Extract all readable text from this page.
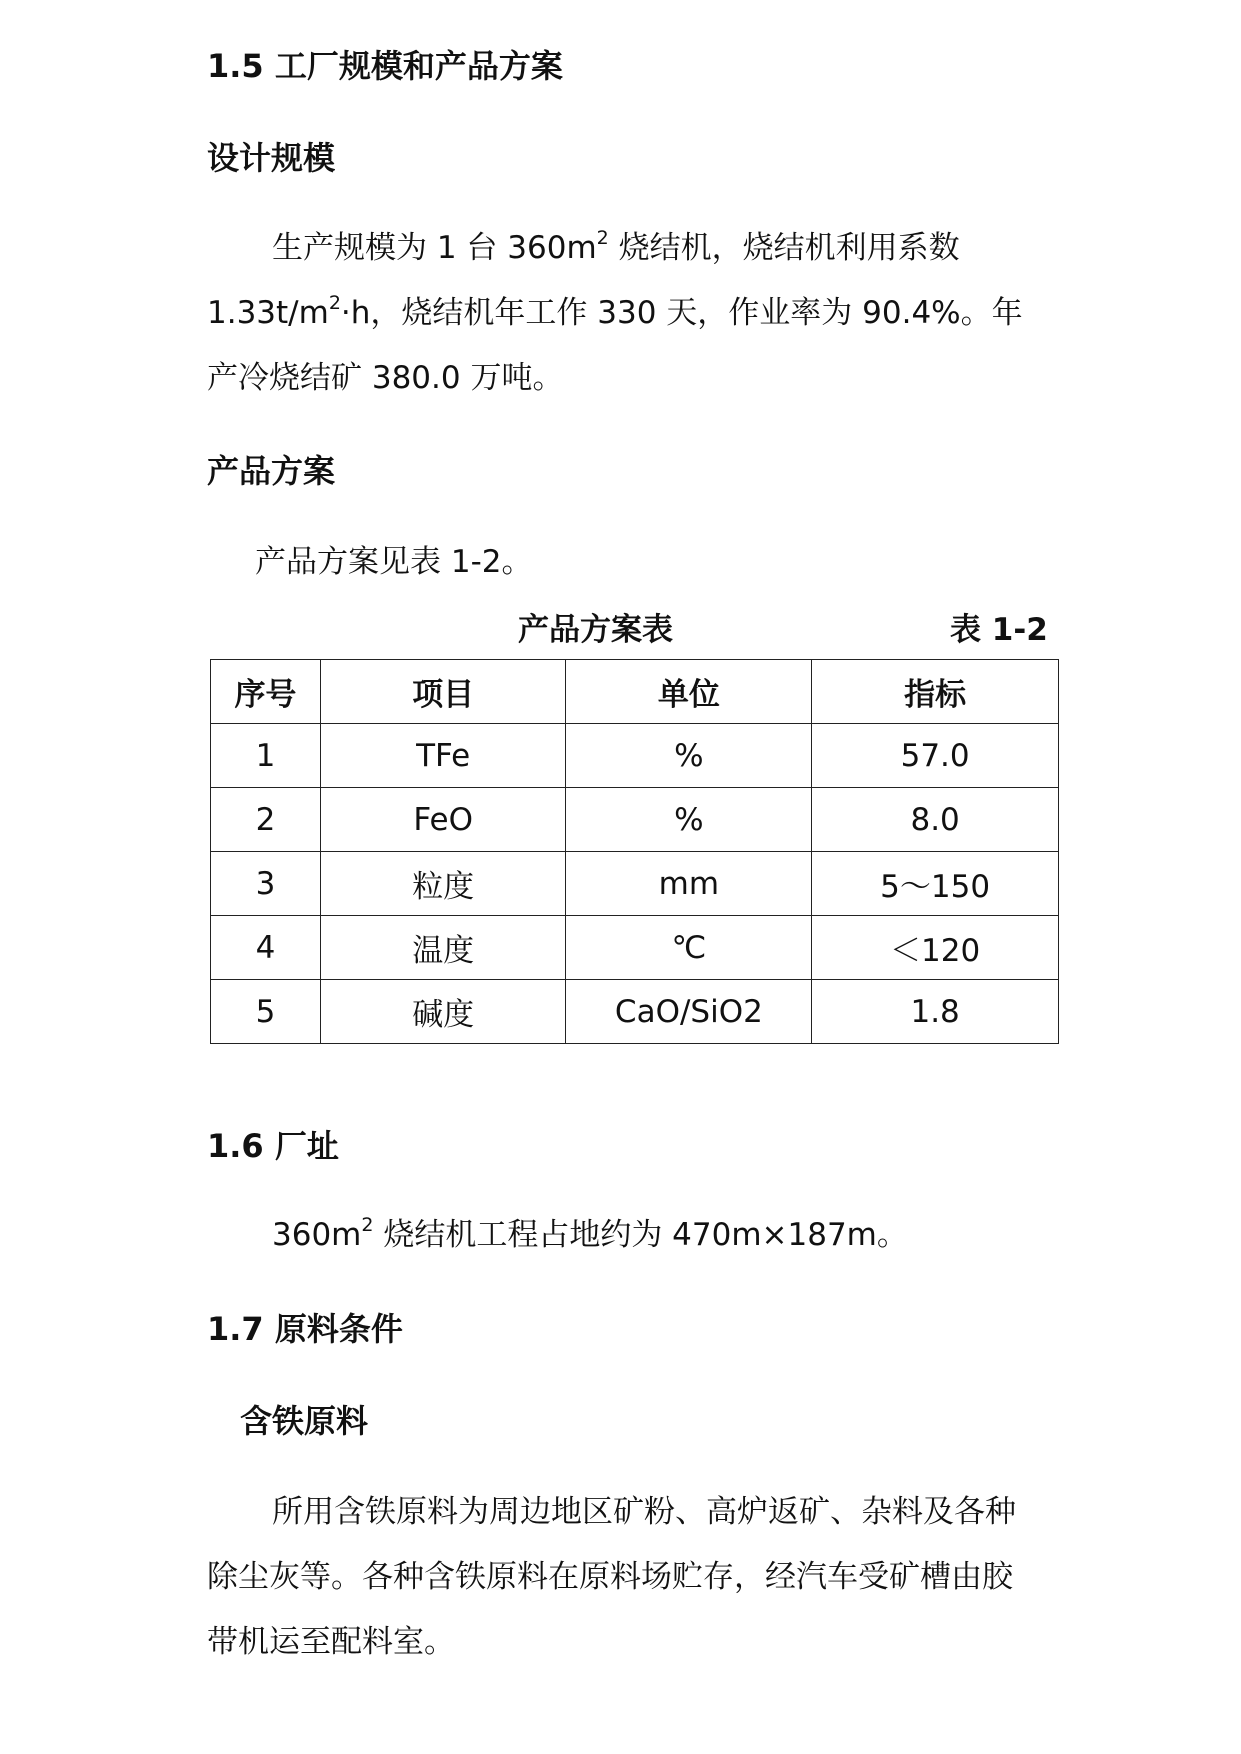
1.5 工厂规模和产品方案
设计规模
生产规模为 1 台 $360m^2$ 烧结机，烧结机利用系数
$1.33t/m^2\cdot h$，烧结机年工作 330 天，作业率为 90.4%。年
产冷烧结矿 380.0 万吨。
产品方案
产品方案见表 1-2。
产品方案表	表 1-2
序号	项目	单位	指标
1	TFe	%	57.0
2	FeO	%	8.0
3	粒度	mm	5～150
4	温度	℃	＜120
5	碱度	CaO/SiO2	1.8
1.6 厂址
$360m^2$ 烧结机工程占地约为 470m×187m。
1.7 原料条件
含铁原料
所用含铁原料为周边地区矿粉、高炉返矿、杂料及各种
除尘灰等。各种含铁原料在原料场贮存，经汽车受矿槽由胶
带机运至配料室。
